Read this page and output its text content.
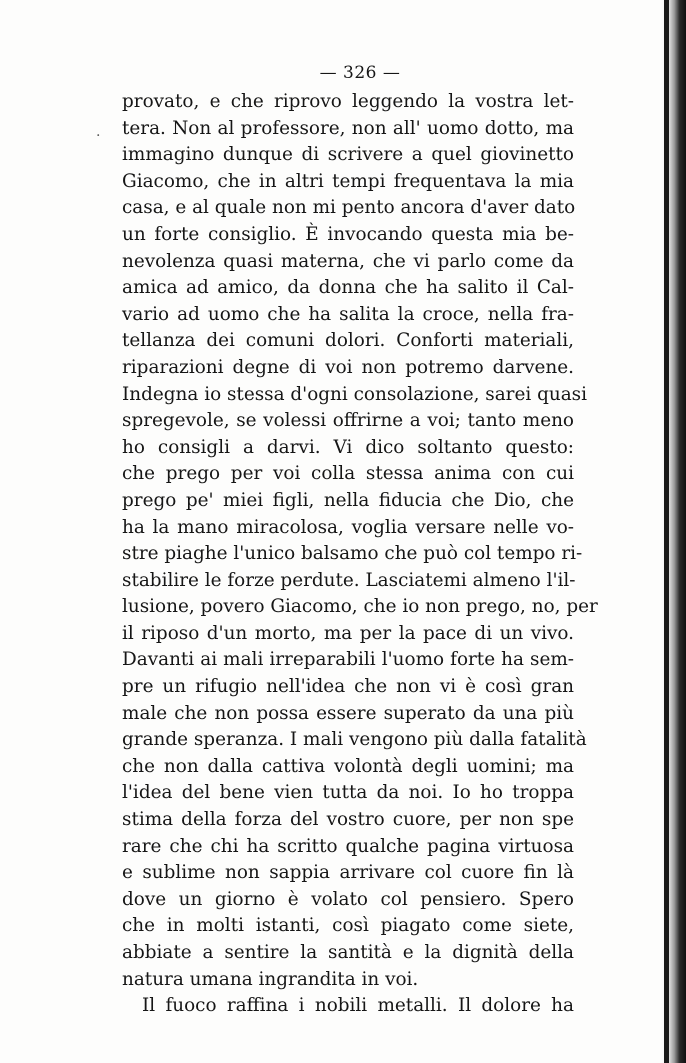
— 326 —
.
provato, e che riprovo leggendo la vostra let-
tera. Non al professore, non all' uomo dotto, ma
immagino dunque di scrivere a quel giovinetto
Giacomo, che in altri tempi frequentava la mia
casa, e al quale non mi pento ancora d'aver dato
un forte consiglio. È invocando questa mia be-
nevolenza quasi materna, che vi parlo come da
amica ad amico, da donna che ha salito il Cal-
vario ad uomo che ha salita la croce, nella fra-
tellanza dei comuni dolori. Conforti materiali,
riparazioni degne di voi non potremo darvene.
Indegna io stessa d'ogni consolazione, sarei quasi
spregevole, se volessi offrirne a voi; tanto meno
ho consigli a darvi. Vi dico soltanto questo:
che prego per voi colla stessa anima con cui
prego pe' miei figli, nella fiducia che Dio, che
ha la mano miracolosa, voglia versare nelle vo-
stre piaghe l'unico balsamo che può col tempo ri-
stabilire le forze perdute. Lasciatemi almeno l'il-
lusione, povero Giacomo, che io non prego, no, per
il riposo d'un morto, ma per la pace di un vivo.
Davanti ai mali irreparabili l'uomo forte ha sem-
pre un rifugio nell'idea che non vi è così gran
male che non possa essere superato da una più
grande speranza. I mali vengono più dalla fatalità
che non dalla cattiva volontà degli uomini; ma
l'idea del bene vien tutta da noi. Io ho troppa
stima della forza del vostro cuore, per non spe
rare che chi ha scritto qualche pagina virtuosa
e sublime non sappia arrivare col cuore fin là
dove un giorno è volato col pensiero. Spero
che in molti istanti, così piagato come siete,
abbiate a sentire la santità e la dignità della
natura umana ingrandita in voi.
Il fuoco raffina i nobili metalli. Il dolore ha
